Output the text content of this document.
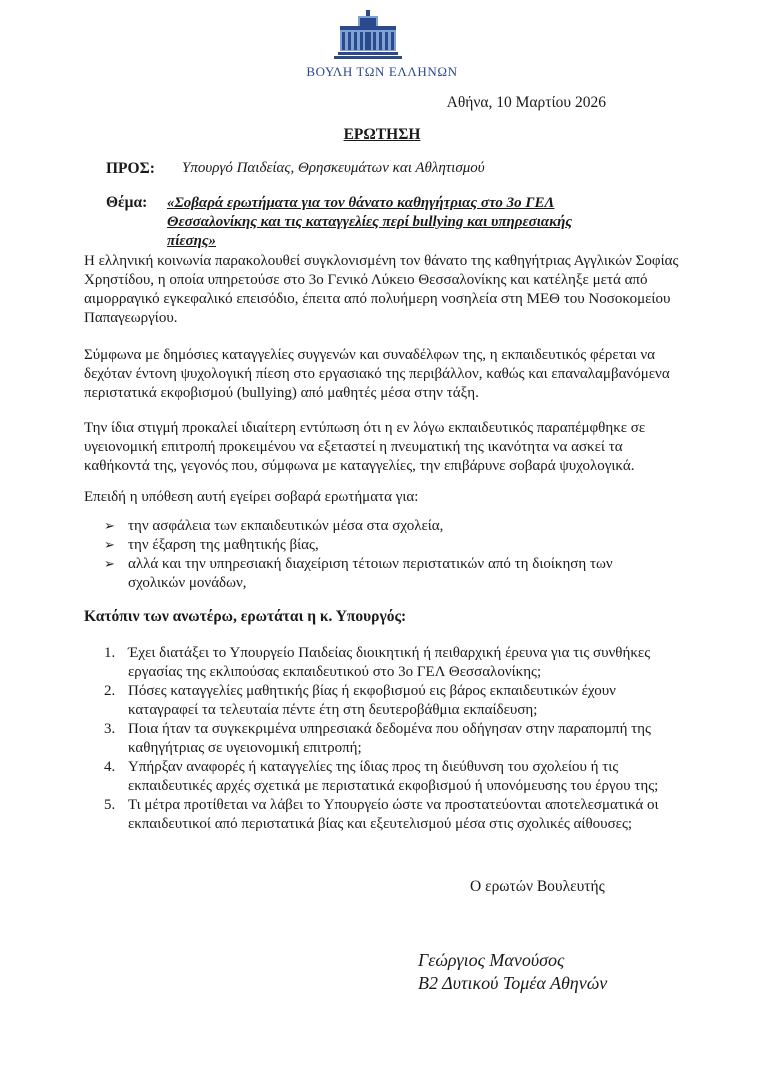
ΒΟΥΛΗ ΤΩΝ ΕΛΛΗΝΩΝ
Αθήνα, 10 Μαρτίου 2026
ΕΡΩΤΗΣΗ
ΠΡΟΣ: Υπουργό Παιδείας, Θρησκευμάτων και Αθλητισμού
Θέμα: «Σοβαρά ερωτήματα για τον θάνατο καθηγήτριας στο 3ο ΓΕΛ Θεσσαλονίκης και τις καταγγελίες περί bullying και υπηρεσιακής πίεσης»
Η ελληνική κοινωνία παρακολουθεί συγκλονισμένη τον θάνατο της καθηγήτριας Αγγλικών Σοφίας Χρηστίδου, η οποία υπηρετούσε στο 3ο Γενικό Λύκειο Θεσσαλονίκης και κατέληξε μετά από αιμορραγικό εγκεφαλικό επεισόδιο, έπειτα από πολυήμερη νοσηλεία στη ΜΕΘ του Νοσοκομείου Παπαγεωργίου.
Σύμφωνα με δημόσιες καταγγελίες συγγενών και συναδέλφων της, η εκπαιδευτικός φέρεται να δεχόταν έντονη ψυχολογική πίεση στο εργασιακό της περιβάλλον, καθώς και επαναλαμβανόμενα περιστατικά εκφοβισμού (bullying) από μαθητές μέσα στην τάξη.
Την ίδια στιγμή προκαλεί ιδιαίτερη εντύπωση ότι η εν λόγω εκπαιδευτικός παραπέμφθηκε σε υγειονομική επιτροπή προκειμένου να εξεταστεί η πνευματική της ικανότητα να ασκεί τα καθήκοντά της, γεγονός που, σύμφωνα με καταγγελίες, την επιβάρυνε σοβαρά ψυχολογικά.
Επειδή η υπόθεση αυτή εγείρει σοβαρά ερωτήματα για:
➢ την ασφάλεια των εκπαιδευτικών μέσα στα σχολεία,
➢ την έξαρση της μαθητικής βίας,
➢ αλλά και την υπηρεσιακή διαχείριση τέτοιων περιστατικών από τη διοίκηση των σχολικών μονάδων,
Κατόπιν των ανωτέρω, ερωτάται η κ. Υπουργός:
1. Έχει διατάξει το Υπουργείο Παιδείας διοικητική ή πειθαρχική έρευνα για τις συνθήκες εργασίας της εκλιπούσας εκπαιδευτικού στο 3ο ΓΕΛ Θεσσαλονίκης;
2. Πόσες καταγγελίες μαθητικής βίας ή εκφοβισμού εις βάρος εκπαιδευτικών έχουν καταγραφεί τα τελευταία πέντε έτη στη δευτεροβάθμια εκπαίδευση;
3. Ποια ήταν τα συγκεκριμένα υπηρεσιακά δεδομένα που οδήγησαν στην παραπομπή της καθηγήτριας σε υγειονομική επιτροπή;
4. Υπήρξαν αναφορές ή καταγγελίες της ίδιας προς τη διεύθυνση του σχολείου ή τις εκπαιδευτικές αρχές σχετικά με περιστατικά εκφοβισμού ή υπονόμευσης του έργου της;
5. Τι μέτρα προτίθεται να λάβει το Υπουργείο ώστε να προστατεύονται αποτελεσματικά οι εκπαιδευτικοί από περιστατικά βίας και εξευτελισμού μέσα στις σχολικές αίθουσες;
Ο ερωτών Βουλευτής
Γεώργιος Μανούσος
Β2 Δυτικού Τομέα Αθηνών
